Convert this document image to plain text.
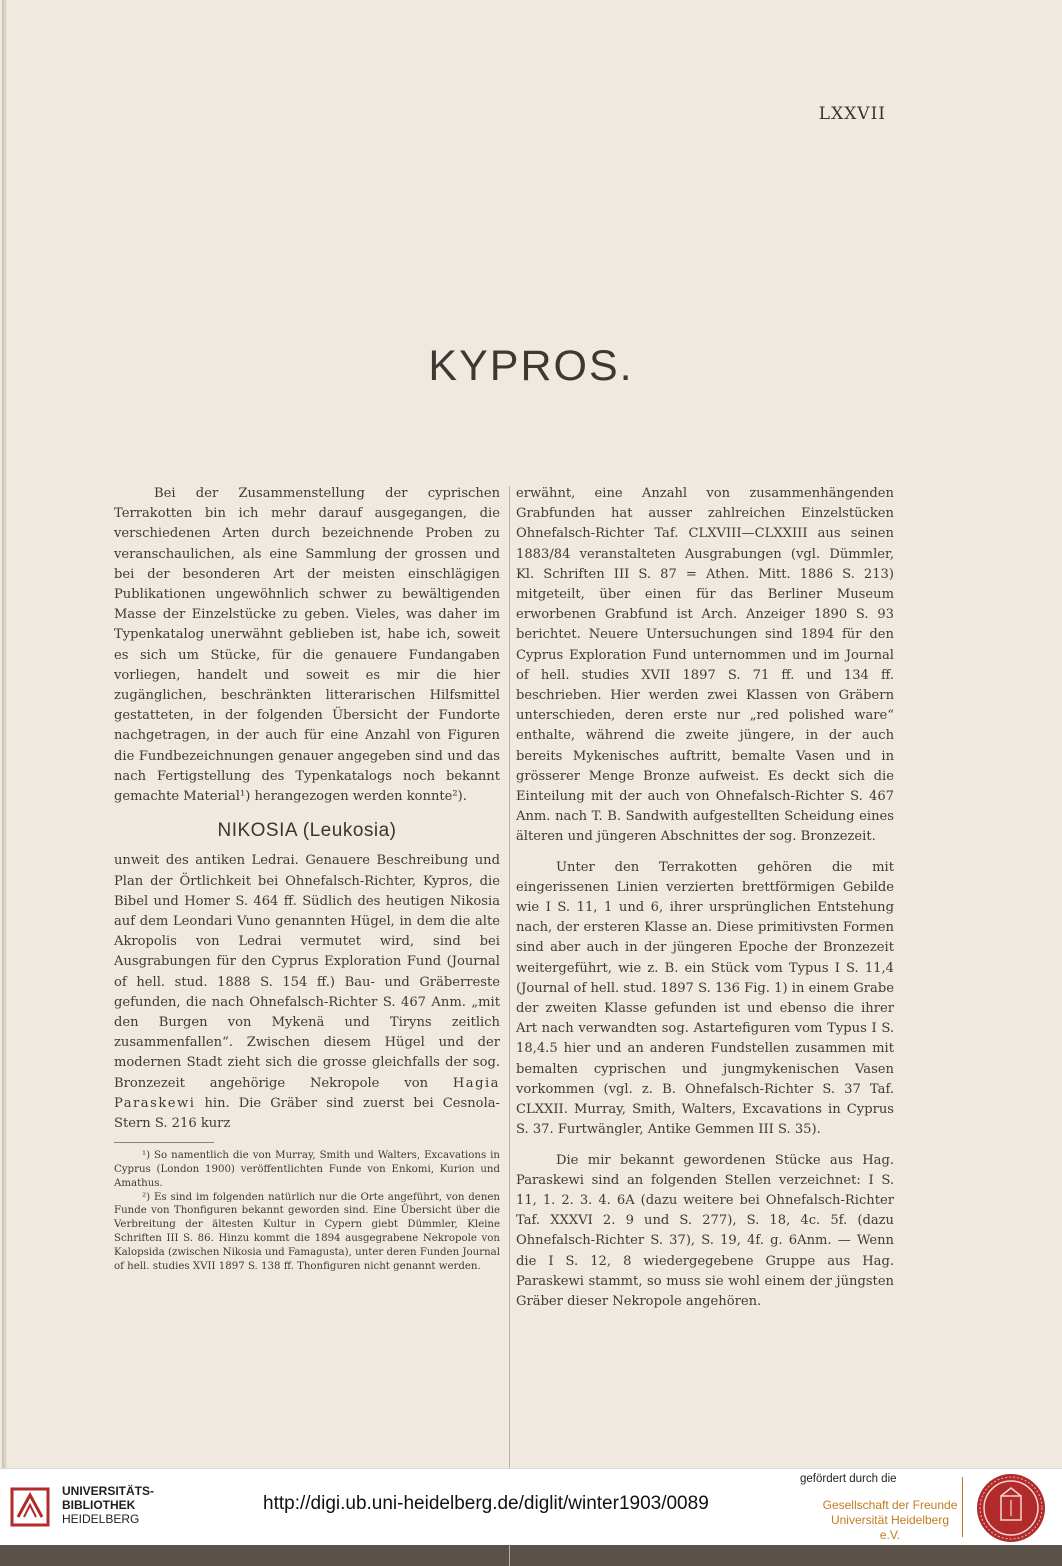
LXXVII
KYPROS.

Bei der Zusammenstellung der cyprischen Terrakotten bin ich mehr darauf ausgegangen, die verschiedenen Arten durch bezeichnende Proben zu veranschaulichen, als eine Sammlung der grossen und bei der besonderen Art der meisten einschlägigen Publikationen ungewöhnlich schwer zu bewältigenden Masse der Einzelstücke zu geben. Vieles, was daher im Typenkatalog unerwähnt geblieben ist, habe ich, soweit es sich um Stücke, für die genauere Fundangaben vorliegen, handelt und soweit es mir die hier zugänglichen, beschränkten litterarischen Hilfsmittel gestatteten, in der folgenden Übersicht der Fundorte nachgetragen, in der auch für eine Anzahl von Figuren die Fundbezeichnungen genauer angegeben sind und das nach Fertigstellung des Typenkatalogs noch bekannt gemachte Material¹) herangezogen werden konnte²).

NIKOSIA (Leukosia)

unweit des antiken Ledrai. Genauere Beschreibung und Plan der Örtlichkeit bei Ohnefalsch-Richter, Kypros, die Bibel und Homer S. 464 ff. Südlich des heutigen Nikosia auf dem Leondari Vuno genannten Hügel, in dem die alte Akropolis von Ledrai vermutet wird, sind bei Ausgrabungen für den Cyprus Exploration Fund (Journal of hell. stud. 1888 S. 154 ff.) Bau- und Gräberreste gefunden, die nach Ohnefalsch-Richter S. 467 Anm. „mit den Burgen von Mykenä und Tiryns zeitlich zusammenfallen“. Zwischen diesem Hügel und der modernen Stadt zieht sich die grosse gleichfalls der sog. Bronzezeit angehörige Nekropole von Hagia Paraskewi hin. Die Gräber sind zuerst bei Cesnola-Stern S. 216 kurz

¹) So namentlich die von Murray, Smith und Walters, Excavations in Cyprus (London 1900) veröffentlichten Funde von Enkomi, Kurion und Amathus.

²) Es sind im folgenden natürlich nur die Orte angeführt, von denen Funde von Thonfiguren bekannt geworden sind. Eine Übersicht über die Verbreitung der ältesten Kultur in Cypern giebt Dümmler, Kleine Schriften III S. 86. Hinzu kommt die 1894 ausgegrabene Nekropole von Kalopsida (zwischen Nikosia und Famagusta), unter deren Funden Journal of hell. studies XVII 1897 S. 138 ff. Thonfiguren nicht genannt werden.

erwähnt, eine Anzahl von zusammenhängenden Grabfunden hat ausser zahlreichen Einzelstücken Ohnefalsch-Richter Taf. CLXVIII—CLXXIII aus seinen 1883/84 veranstalteten Ausgrabungen (vgl. Dümmler, Kl. Schriften III S. 87 = Athen. Mitt. 1886 S. 213) mitgeteilt, über einen für das Berliner Museum erworbenen Grabfund ist Arch. Anzeiger 1890 S. 93 berichtet. Neuere Untersuchungen sind 1894 für den Cyprus Exploration Fund unternommen und im Journal of hell. studies XVII 1897 S. 71 ff. und 134 ff. beschrieben. Hier werden zwei Klassen von Gräbern unterschieden, deren erste nur „red polished ware“ enthalte, während die zweite jüngere, in der auch bereits Mykenisches auftritt, bemalte Vasen und in grösserer Menge Bronze aufweist. Es deckt sich die Einteilung mit der auch von Ohnefalsch-Richter S. 467 Anm. nach T. B. Sandwith aufgestellten Scheidung eines älteren und jüngeren Abschnittes der sog. Bronzezeit.

Unter den Terrakotten gehören die mit eingerissenen Linien verzierten brettförmigen Gebilde wie I S. 11, 1 und 6, ihrer ursprünglichen Entstehung nach, der ersteren Klasse an. Diese primitivsten Formen sind aber auch in der jüngeren Epoche der Bronzezeit weitergeführt, wie z. B. ein Stück vom Typus I S. 11,4 (Journal of hell. stud. 1897 S. 136 Fig. 1) in einem Grabe der zweiten Klasse gefunden ist und ebenso die ihrer Art nach verwandten sog. Astartefiguren vom Typus I S. 18,4.5 hier und an anderen Fundstellen zusammen mit bemalten cyprischen und jungmykenischen Vasen vorkommen (vgl. z. B. Ohnefalsch-Richter S. 37 Taf. CLXXII. Murray, Smith, Walters, Excavations in Cyprus S. 37. Furtwängler, Antike Gemmen III S. 35).

Die mir bekannt gewordenen Stücke aus Hag. Paraskewi sind an folgenden Stellen verzeichnet: I S. 11, 1. 2. 3. 4. 6A (dazu weitere bei Ohnefalsch-Richter Taf. XXXVI 2. 9 und S. 277), S. 18, 4c. 5f. (dazu Ohnefalsch-Richter S. 37), S. 19, 4f. g. 6Anm. — Wenn die I S. 12, 8 wiedergegebene Gruppe aus Hag. Paraskewi stammt, so muss sie wohl einem der jüngsten Gräber dieser Nekropole angehören.

UNIVERSITÄTS-
BIBLIOTHEK
HEIDELBERG
http://digi.ub.uni-heidelberg.de/diglit/winter1903/0089
gefördert durch die
Gesellschaft der Freunde
Universität Heidelberg e.V.
